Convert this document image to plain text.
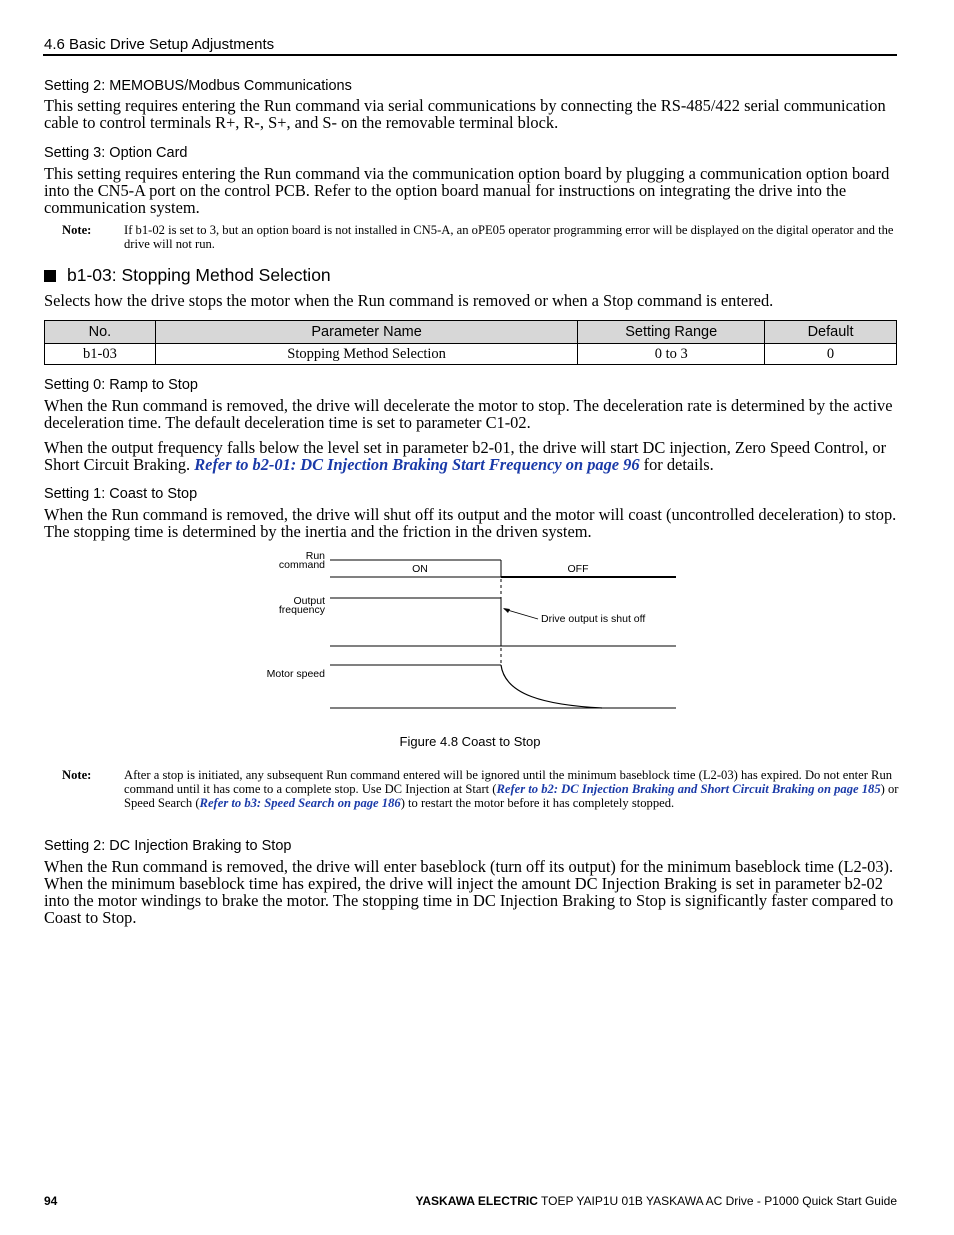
4.6 Basic Drive Setup Adjustments
Setting 2: MEMOBUS/Modbus Communications
This setting requires entering the Run command via serial communications by connecting the RS-485/422 serial communication cable to control terminals R+, R-, S+, and S- on the removable terminal block.
Setting 3: Option Card
This setting requires entering the Run command via the communication option board by plugging a communication option board into the CN5-A port on the control PCB. Refer to the option board manual for instructions on integrating the drive into the communication system.
Note:	If b1-02 is set to 3, but an option board is not installed in CN5-A, an oPE05 operator programming error will be displayed on the digital operator and the drive will not run.
b1-03: Stopping Method Selection
Selects how the drive stops the motor when the Run command is removed or when a Stop command is entered.
No.	Parameter Name	Setting Range	Default
b1-03	Stopping Method Selection	0 to 3	0
Setting 0: Ramp to Stop
When the Run command is removed, the drive will decelerate the motor to stop. The deceleration rate is determined by the active deceleration time. The default deceleration time is set to parameter C1-02.
When the output frequency falls below the level set in parameter b2-01, the drive will start DC injection, Zero Speed Control, or Short Circuit Braking. Refer to b2-01: DC Injection Braking Start Frequency on page 96 for details.
Setting 1: Coast to Stop
When the Run command is removed, the drive will shut off its output and the motor will coast (uncontrolled deceleration) to stop. The stopping time is determined by the inertia and the friction in the driven system.
Run
command	ON	OFF
Output
frequency
Drive output is shut off
Motor speed
Figure 4.8 Coast to Stop
Note:	After a stop is initiated, any subsequent Run command entered will be ignored until the minimum baseblock time (L2-03) has expired. Do not enter Run command until it has come to a complete stop. Use DC Injection at Start (Refer to b2: DC Injection Braking and Short Circuit Braking on page 185) or Speed Search (Refer to b3: Speed Search on page 186) to restart the motor before it has completely stopped.
Setting 2: DC Injection Braking to Stop
When the Run command is removed, the drive will enter baseblock (turn off its output) for the minimum baseblock time (L2-03). When the minimum baseblock time has expired, the drive will inject the amount DC Injection Braking is set in parameter b2-02 into the motor windings to brake the motor. The stopping time in DC Injection Braking to Stop is significantly faster compared to Coast to Stop.
94	YASKAWA ELECTRIC TOEP YAIP1U 01B YASKAWA AC Drive - P1000 Quick Start Guide
